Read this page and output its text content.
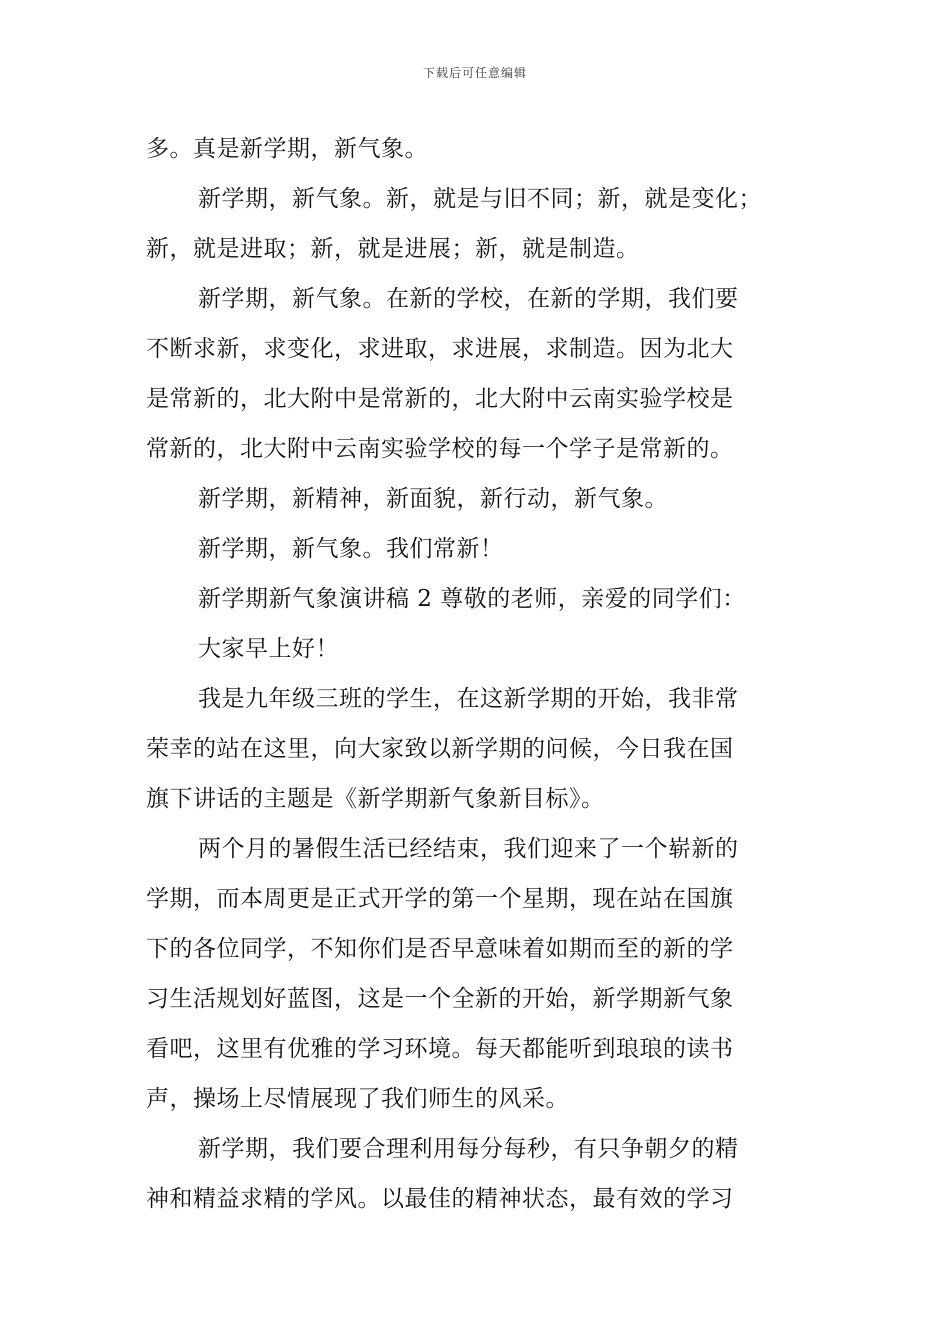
下载后可任意编辑
多。真是新学期，新气象。
新学期，新气象。新，就是与旧不同；新，就是变化；
新，就是进取；新，就是进展；新，就是制造。
新学期，新气象。在新的学校，在新的学期，我们要
不断求新，求变化，求进取，求进展，求制造。因为北大
是常新的，北大附中是常新的，北大附中云南实验学校是
常新的，北大附中云南实验学校的每一个学子是常新的。
新学期，新精神，新面貌，新行动，新气象。
新学期，新气象。我们常新！
新学期新气象演讲稿 2 尊敬的老师，亲爱的同学们：
大家早上好！
我是九年级三班的学生，在这新学期的开始，我非常
荣幸的站在这里，向大家致以新学期的问候，今日我在国
旗下讲话的主题是《新学期新气象新目标》。
两个月的暑假生活已经结束，我们迎来了一个崭新的
学期，而本周更是正式开学的第一个星期，现在站在国旗
下的各位同学，不知你们是否早意味着如期而至的新的学
习生活规划好蓝图，这是一个全新的开始，新学期新气象
看吧，这里有优雅的学习环境。每天都能听到琅琅的读书
声，操场上尽情展现了我们师生的风采。
新学期，我们要合理利用每分每秒，有只争朝夕的精
神和精益求精的学风。以最佳的精神状态，最有效的学习
